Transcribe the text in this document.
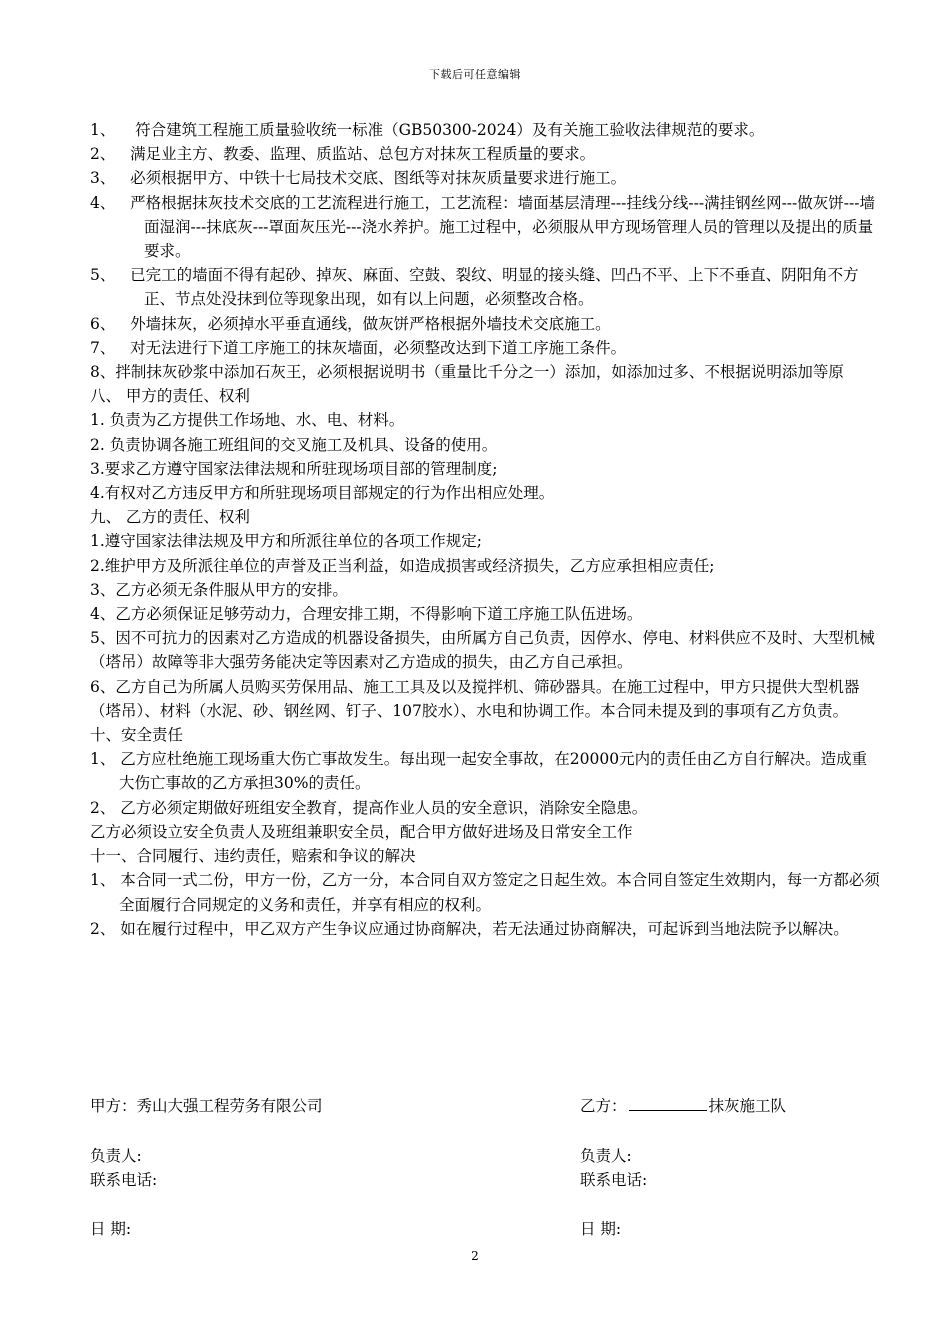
下载后可任意编辑

1、    符合建筑工程施工质量验收统一标准（GB50300-2024）及有关施工验收法律规范的要求。

2、   满足业主方、教委、监理、质监站、总包方对抹灰工程质量的要求。

3、   必须根据甲方、中铁十七局技术交底、图纸等对抹灰质量要求进行施工。

4、   严格根据抹灰技术交底的工艺流程进行施工，工艺流程：墙面基层清理---挂线分线---满挂钢丝网---做灰饼---墙面湿润---抹底灰---罩面灰压光---浇水养护。施工过程中，必须服从甲方现场管理人员的管理以及提出的质量要求。

5、   已完工的墙面不得有起砂、掉灰、麻面、空鼓、裂纹、明显的接头缝、凹凸不平、上下不垂直、阴阳角不方正、节点处没抹到位等现象出现，如有以上问题，必须整改合格。

6、   外墙抹灰，必须掉水平垂直通线，做灰饼严格根据外墙技术交底施工。

7、   对无法进行下道工序施工的抹灰墙面，必须整改达到下道工序施工条件。

8、拌制抹灰砂浆中添加石灰王，必须根据说明书（重量比千分之一）添加，如添加过多、不根据说明添加等原

八、 甲方的责任、权利

1. 负责为乙方提供工作场地、水、电、材料。

2. 负责协调各施工班组间的交叉施工及机具、设备的使用。

3.要求乙方遵守国家法律法规和所驻现场项目部的管理制度;

4.有权对乙方违反甲方和所驻现场项目部规定的行为作出相应处理。

九、 乙方的责任、权利

1.遵守国家法律法规及甲方和所派往单位的各项工作规定;

2.维护甲方及所派往单位的声誉及正当利益，如造成损害或经济损失，乙方应承担相应责任;

3、乙方必须无条件服从甲方的安排。

4、乙方必须保证足够劳动力，合理安排工期，不得影响下道工序施工队伍进场。

5、因不可抗力的因素对乙方造成的机器设备损失，由所属方自己负责，因停水、停电、材料供应不及时、大型机械（塔吊）故障等非大强劳务能决定等因素对乙方造成的损失，由乙方自己承担。

6、乙方自己为所属人员购买劳保用品、施工工具及以及搅拌机、筛砂器具。在施工过程中，甲方只提供大型机器（塔吊）、材料（水泥、砂、钢丝网、钉子、107胶水）、水电和协调工作。本合同未提及到的事项有乙方负责。

十、安全责任

1、 乙方应杜绝施工现场重大伤亡事故发生。每出现一起安全事故，在20000元内的责任由乙方自行解决。造成重大伤亡事故的乙方承担30%的责任。

2、 乙方必须定期做好班组安全教育，提高作业人员的安全意识，消除安全隐患。

乙方必须设立安全负责人及班组兼职安全员，配合甲方做好进场及日常安全工作

十一、合同履行、违约责任，赔索和争议的解决

1、 本合同一式二份，甲方一份，乙方一分，本合同自双方签定之日起生效。本合同自签定生效期内，每一方都必须全面履行合同规定的义务和责任，并享有相应的权利。

2、 如在履行过程中，甲乙双方产生争议应通过协商解决，若无法通过协商解决，可起诉到当地法院予以解决。

甲方：秀山大强工程劳务有限公司	乙方：	抹灰施工队
负责人:	负责人:
联系电话:	联系电话:
日 期:	日 期:
2
